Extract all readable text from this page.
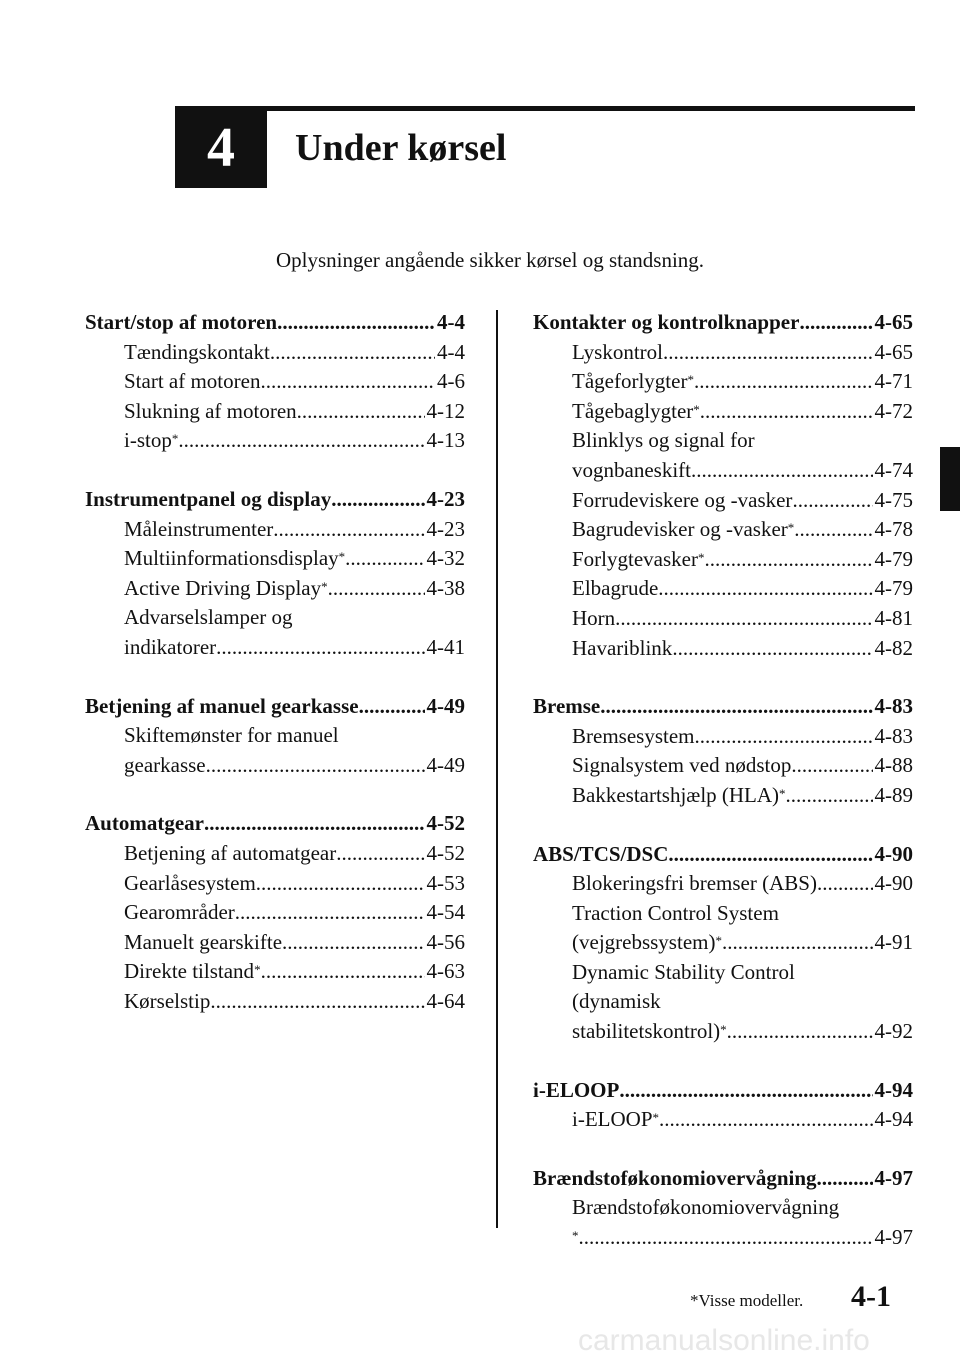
4	Under kørsel
Oplysninger angående sikker kørsel og standsning.
Start/stop af motoren .....	4-4
Tændingskontakt .....	4-4
Start af motoren .....	4-6
Slukning af motoren .....	4-12
i-stop* .....	4-13
Instrumentpanel og display .....	4-23
Måleinstrumenter .....	4-23
Multiinformationsdisplay* .....	4-32
Active Driving Display* .....	4-38
Advarselslamper og
indikatorer .....	4-41
Betjening af manuel gearkasse .....	4-49
Skiftemønster for manuel
gearkasse .....	4-49
Automatgear .....	4-52
Betjening af automatgear .....	4-52
Gearlåsesystem .....	4-53
Gearområder .....	4-54
Manuelt gearskifte .....	4-56
Direkte tilstand* .....	4-63
Kørselstip .....	4-64
Kontakter og kontrolknapper .....	4-65
Lyskontrol .....	4-65
Tågeforlygter* .....	4-71
Tågebaglygter* .....	4-72
Blinklys og signal for
vognbaneskift .....	4-74
Forrudeviskere og -vasker .....	4-75
Bagrudevisker og -vasker* .....	4-78
Forlygtevasker* .....	4-79
Elbagrude .....	4-79
Horn .....	4-81
Havariblink .....	4-82
Bremse .....	4-83
Bremsesystem .....	4-83
Signalsystem ved nødstop .....	4-88
Bakkestartshjælp (HLA)* .....	4-89
ABS/TCS/DSC .....	4-90
Blokeringsfri bremser (ABS) .....	4-90
Traction Control System
(vejgrebssystem)* .....	4-91
Dynamic Stability Control
(dynamisk
stabilitetskontrol)* .....	4-92
i-ELOOP .....	4-94
i-ELOOP* .....	4-94
Brændstoføkonomiovervågning .....	4-97
Brændstoføkonomiovervågning
* .....	4-97
*Visse modeller. 4-1
carmanualsonline.info
